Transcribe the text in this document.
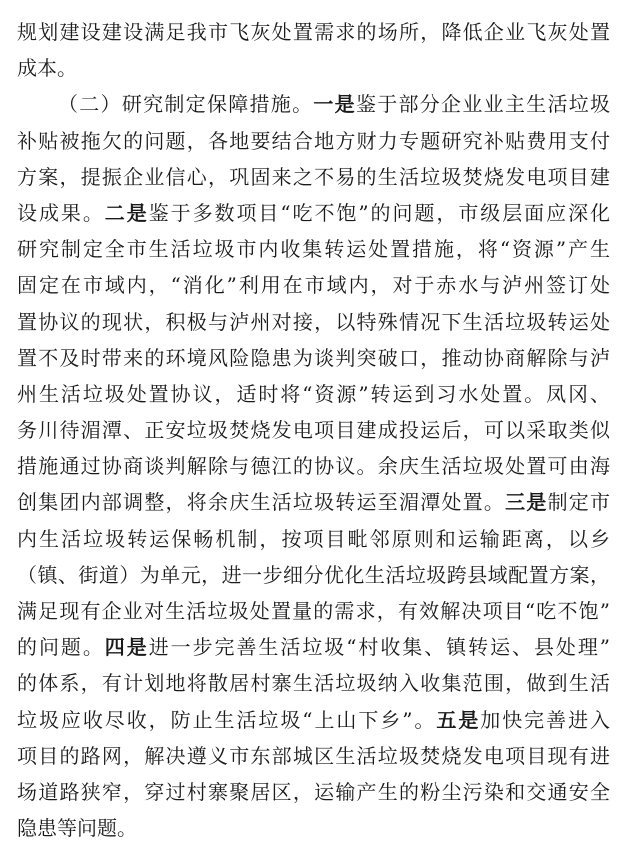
规划建设建设满足我市飞灰处置需求的场所，降低企业飞灰处置
成本。
（二）研究制定保障措施。一是鉴于部分企业业主生活垃圾
补贴被拖欠的问题，各地要结合地方财力专题研究补贴费用支付
方案，提振企业信心，巩固来之不易的生活垃圾焚烧发电项目建
设成果。二是鉴于多数项目“吃不饱”的问题，市级层面应深化
研究制定全市生活垃圾市内收集转运处置措施，将“资源”产生
固定在市域内，“消化”利用在市域内，对于赤水与泸州签订处
置协议的现状，积极与泸州对接，以特殊情况下生活垃圾转运处
置不及时带来的环境风险隐患为谈判突破口，推动协商解除与泸
州生活垃圾处置协议，适时将“资源”转运到习水处置。凤冈、
务川待湄潭、正安垃圾焚烧发电项目建成投运后，可以采取类似
措施通过协商谈判解除与德江的协议。余庆生活垃圾处置可由海
创集团内部调整，将余庆生活垃圾转运至湄潭处置。三是制定市
内生活垃圾转运保畅机制，按项目毗邻原则和运输距离，以乡
（镇、街道）为单元，进一步细分优化生活垃圾跨县域配置方案，
满足现有企业对生活垃圾处置量的需求，有效解决项目“吃不饱”
的问题。四是进一步完善生活垃圾“村收集、镇转运、县处理”
的体系，有计划地将散居村寨生活垃圾纳入收集范围，做到生活
垃圾应收尽收，防止生活垃圾“上山下乡”。五是加快完善进入
项目的路网，解决遵义市东部城区生活垃圾焚烧发电项目现有进
场道路狭窄，穿过村寨聚居区，运输产生的粉尘污染和交通安全
隐患等问题。
